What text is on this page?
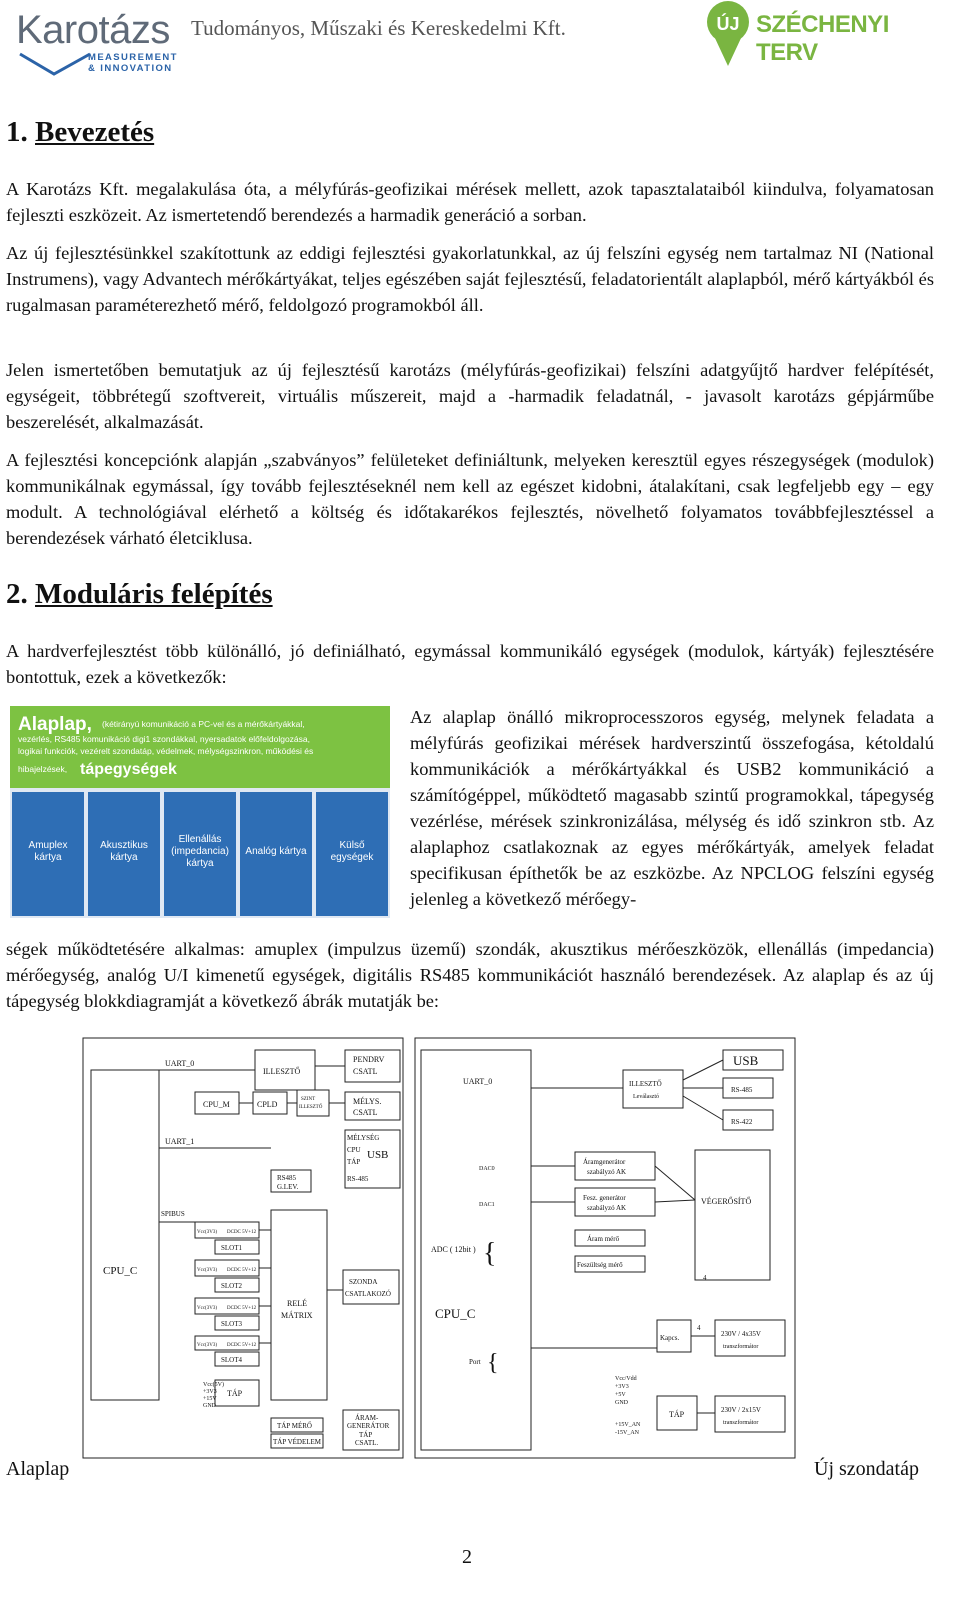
Karotázs
MEASUREMENT
& INNOVATION
Tudományos, Műszaki és Kereskedelmi Kft.	ÚJ SZÉCHENYI TERV
1. Bevezetés

A Karotázs Kft. megalakulása óta, a mélyfúrás-geofizikai mérések mellett, azok tapasztalataiból kiindulva, folyamatosan fejleszti eszközeit. Az ismertetendő berendezés a harmadik generáció a sorban.

Az új fejlesztésünkkel szakítottunk az eddigi fejlesztési gyakorlatunkkal, az új felszíni egység nem tartalmaz NI (National Instrumens), vagy Advantech mérőkártyákat, teljes egészében saját fejlesztésű, feladatorientált alaplapból, mérő kártyákból és rugalmasan paraméterezhető mérő, feldolgozó programokból áll.

Jelen ismertetőben bemutatjuk az új fejlesztésű karotázs (mélyfúrás-geofizikai) felszíni adatgyűjtő hardver felépítését, egységeit, többrétegű szoftvereit, virtuális műszereit, majd a -harmadik feladatnál, - javasolt karotázs gépjárműbe beszerelését, alkalmazását.

A fejlesztési koncepciónk alapján „szabványos” felületeket definiáltunk, melyeken keresztül egyes részegységek (modulok) kommunikálnak egymással, így tovább fejlesztéseknél nem kell az egészet kidobni, átalakítani, csak legfeljebb egy – egy modult. A technológiával elérhető a költség és időtakarékos fejlesztés, növelhető folyamatos továbbfejlesztéssel a berendezések várható életciklusa.

2. Moduláris felépítés

A hardverfejlesztést több különálló, jó definiálható, egymással kommunikáló egységek (modulok, kártyák) fejlesztésére bontottuk, ezek a következők:

Alaplap, (kétirányú komunikáció a PC-vel és a mérőkártyákkal,
vezérlés, RS485 komunikáció digi1 szondákkal, nyersadatok előfeldolgozása,
logikai funkciók, vezérelt szondatáp, védelmek, mélységszinkron, működési és
hibajelzések, tápegységek
Amuplex
kártya
Akusztikus
kártya
Ellenállás
(impedancia)
kártya
Analóg kártya
Külső
egységek

Az alaplap önálló mikroprocesszoros egység, melynek feladata a mélyfúrás geofizikai mérések hardverszintű összefogása, kétoldalú kommunikációk a mérőkártyákkal és USB2 kommunikáció a számítógéppel, működtető magasabb szintű programokkal, tápegység vezérlése, mérések szinkronizálása, mélység és idő szinkron stb. Az alaplaphoz csatlakoznak az egyes mérőkártyák, amelyek feladat specifikusan építhetők be az eszközbe. Az NPCLOG felszíni egység jelenleg a következő mérőegy-

ségek működtetésére alkalmas: amuplex (impulzus üzemű) szondák, akusztikus mérőeszközök, ellenállás (impedancia) mérőegység, analóg U/I kimenetű egységek, digitális RS485 kommunikációt használó berendezések. Az alaplap és az új tápegység blokkdiagramját a következő ábrák mutatják be:

UART_0
UART_1
ILLESZTŐ
PENDRV
CSATL
CPU_M	CPLD
SZINT
ILLESZTŐ
MÉLYS.
CSATL
MÉLYSÉG
CPU
TÁP
USB
RS-485
RS485
G.LEV.
SPIBUS
Vcc(3V3) DCDC 5V+12
SLOT1
Vcc(3V3) DCDC 5V+12
SLOT2
Vcc(3V3) DCDC 5V+12
SLOT3
Vcc(3V3) DCDC 5V+12
SLOT4
CPU_C
RELÉ
MÁTRIX
SZONDA
CSATLAKOZÓ
Vcc(5V)
+3V3
+15V
GND
TÁP
TÁP MÉRŐ
TÁP VÉDELEM
ÁRAM-
GENERÁTOR
TÁP
CSATL.
UART_0	ILLESZTŐ
Leválasztó
USB
RS-485
RS-422
DAC0
DAC1
Áramgenerátor
szabályzó AK
Fesz. generátor
szabályzó AK
VÉGERŐSÍTŐ
ADC ( 12bit ) {	Áram mérő
Feszültség mérő
4
CPU_C
Port {
Kapcs.	230V / 4x35V
transzformátor
Vcc/Vdd
+3V3
+5V
GND
+15V_AN
-15V_AN
TÁP	230V / 2x15V
transzformátor
4
Alaplap	Új szondatáp
2
